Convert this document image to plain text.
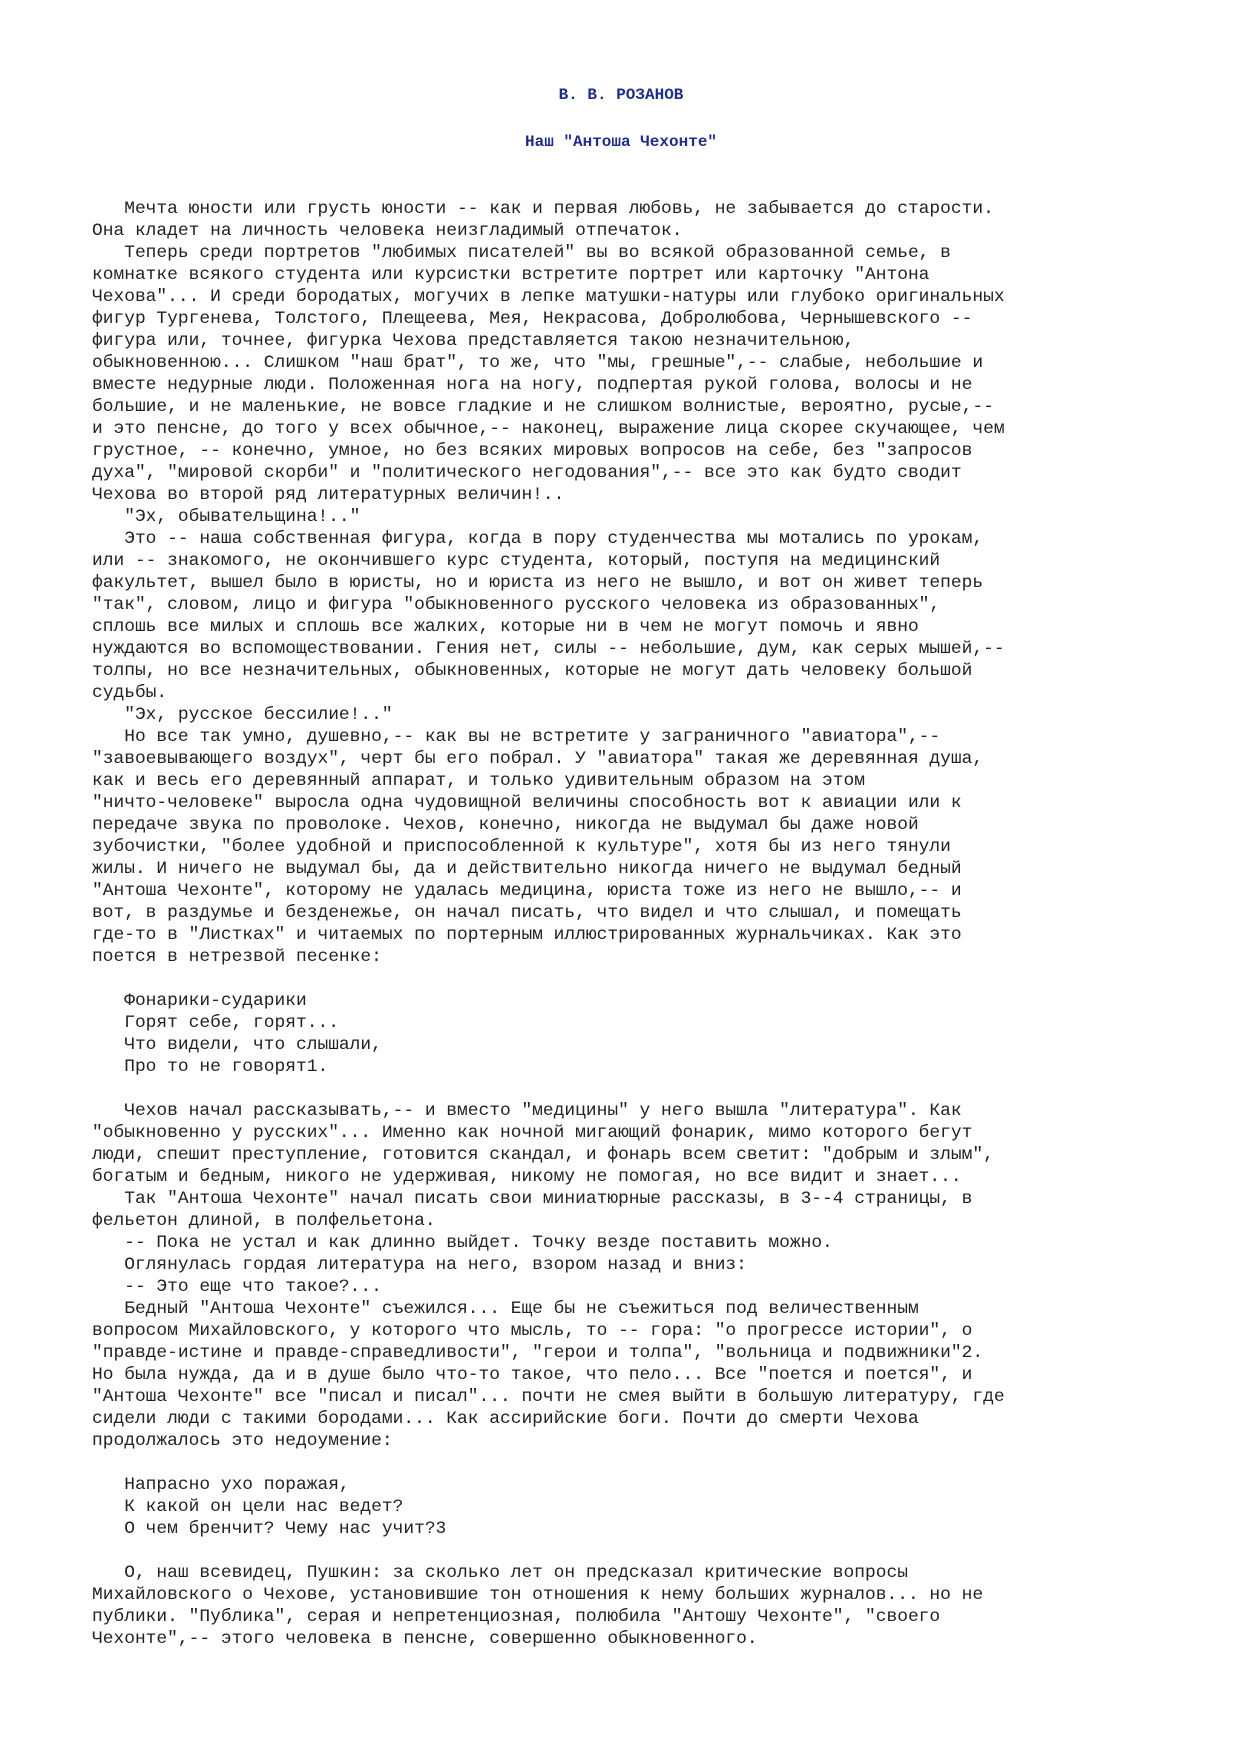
В. В. РОЗАНОВ
Наш "Антоша Чехонте"
Мечта юности или грусть юности -- как и первая любовь, не забывается до старости.
Она кладет на личность человека неизгладимый отпечаток.
Теперь среди портретов "любимых писателей" вы во всякой образованной семье, в
комнатке всякого студента или курсистки встретите портрет или карточку "Антона
Чехова"... И среди бородатых, могучих в лепке матушки-натуры или глубоко оригинальных
фигур Тургенева, Толстого, Плещеева, Мея, Некрасова, Добролюбова, Чернышевского --
фигура или, точнее, фигурка Чехова представляется такою незначительною,
обыкновенною... Слишком "наш брат", то же, что "мы, грешные",-- слабые, небольшие и
вместе недурные люди. Положенная нога на ногу, подпертая рукой голова, волосы и не
большие, и не маленькие, не вовсе гладкие и не слишком волнистые, вероятно, русые,--
и это пенсне, до того у всех обычное,-- наконец, выражение лица скорее скучающее, чем
грустное, -- конечно, умное, но без всяких мировых вопросов на себе, без "запросов
духа", "мировой скорби" и "политического негодования",-- все это как будто сводит
Чехова во второй ряд литературных величин!..
"Эх, обывательщина!.."
Это -- наша собственная фигура, когда в пору студенчества мы мотались по урокам,
или -- знакомого, не окончившего курс студента, который, поступя на медицинский
факультет, вышел было в юристы, но и юриста из него не вышло, и вот он живет теперь
"так", словом, лицо и фигура "обыкновенного русского человека из образованных",
сплошь все милых и сплошь все жалких, которые ни в чем не могут помочь и явно
нуждаются во вспомоществовании. Гения нет, силы -- небольшие, дум, как серых мышей,--
толпы, но все незначительных, обыкновенных, которые не могут дать человеку большой
судьбы.
"Эх, русское бессилие!.."
Но все так умно, душевно,-- как вы не встретите у заграничного "авиатора",--
"завоевывающего воздух", черт бы его побрал. У "авиатора" такая же деревянная душа,
как и весь его деревянный аппарат, и только удивительным образом на этом
"ничто-человеке" выросла одна чудовищной величины способность вот к авиации или к
передаче звука по проволоке. Чехов, конечно, никогда не выдумал бы даже новой
зубочистки, "более удобной и приспособленной к культуре", хотя бы из него тянули
жилы. И ничего не выдумал бы, да и действительно никогда ничего не выдумал бедный
"Антоша Чехонте", которому не удалась медицина, юриста тоже из него не вышло,-- и
вот, в раздумье и безденежье, он начал писать, что видел и что слышал, и помещать
где-то в "Листках" и читаемых по портерным иллюстрированных журнальчиках. Как это
поется в нетрезвой песенке:

Фонарики-сударики
Горят себе, горят...
Что видели, что слышали,
Про то не говорят1.

Чехов начал рассказывать,-- и вместо "медицины" у него вышла "литература". Как
"обыкновенно у русских"... Именно как ночной мигающий фонарик, мимо которого бегут
люди, спешит преступление, готовится скандал, и фонарь всем светит: "добрым и злым",
богатым и бедным, никого не удерживая, никому не помогая, но все видит и знает...
Так "Антоша Чехонте" начал писать свои миниатюрные рассказы, в 3--4 страницы, в
фельетон длиной, в полфельетона.
-- Пока не устал и как длинно выйдет. Точку везде поставить можно.
Оглянулась гордая литература на него, взором назад и вниз:
-- Это еще что такое?...
Бедный "Антоша Чехонте" съежился... Еще бы не съежиться под величественным
вопросом Михайловского, у которого что мысль, то -- гора: "о прогрессе истории", о
"правде-истине и правде-справедливости", "герои и толпа", "вольница и подвижники"2.
Но была нужда, да и в душе было что-то такое, что пело... Все "поется и поется", и
"Антоша Чехонте" все "писал и писал"... почти не смея выйти в большую литературу, где
сидели люди с такими бородами... Как ассирийские боги. Почти до смерти Чехова
продолжалось это недоумение:

Напрасно ухо поражая,
К какой он цели нас ведет?
О чем бренчит? Чему нас учит?3

О, наш всевидец, Пушкин: за сколько лет он предсказал критические вопросы
Михайловского о Чехове, установившие тон отношения к нему больших журналов... но не
публики. "Публика", серая и непретенциозная, полюбила "Антошу Чехонте", "своего
Чехонте",-- этого человека в пенсне, совершенно обыкновенного.
